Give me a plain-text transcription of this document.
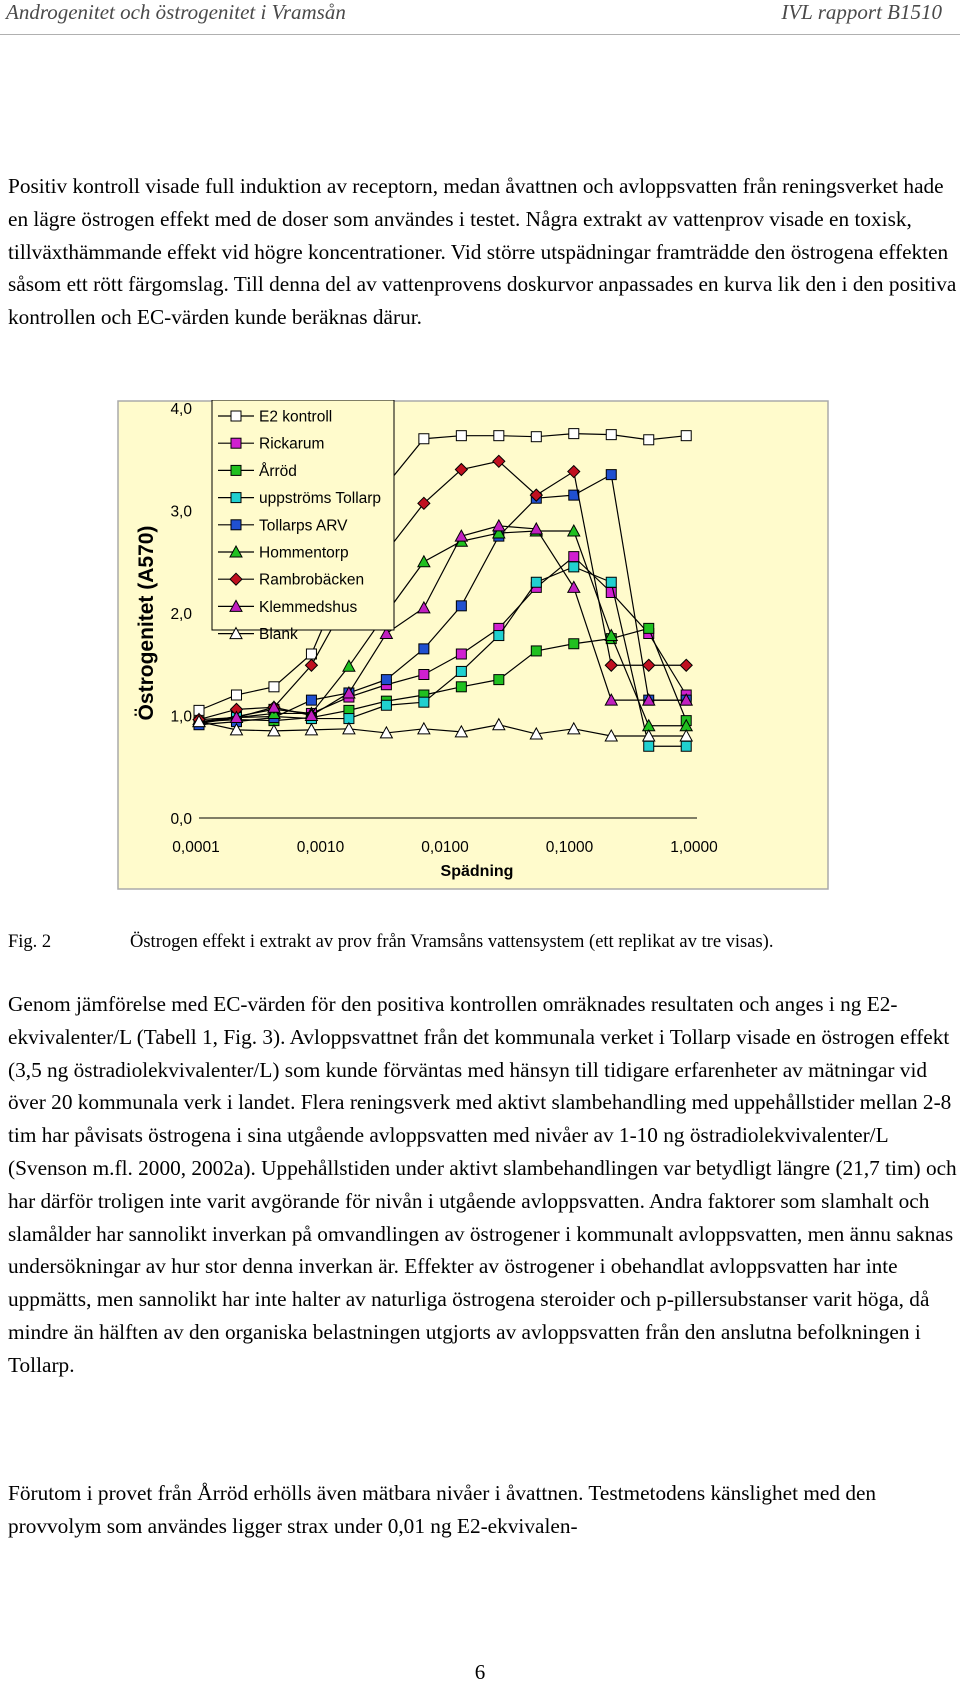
Androgenitet och östrogenitet i Vramsån	IVL rapport B1510

Positiv kontroll visade full induktion av receptorn, medan åvattnen och avloppsvatten från reningsverket hade en lägre östrogen effekt med de doser som användes i testet. Några extrakt av vattenprov visade en toxisk, tillväxthämmande effekt vid högre koncentrationer. Vid större utspädningar framträdde den östrogena effekten såsom ett rött färgomslag. Till denna del av vattenprovens doskurvor anpassades en kurva lik den i den positiva kontrollen och EC-värden kunde beräknas därur.

0,0
1,0
2,0
3,0
4,0
0,0001	0,0010	0,0100	0,1000	1,0000
Spädning
Östrogenitet (A570)
E2 kontroll
Rickarum
Årröd
uppströms Tollarp
Tollarps ARV
Hommentorp
Rambrobäcken
Klemmedshus
Blank
Fig. 2	Östrogen effekt i extrakt av prov från Vramsåns vattensystem (ett replikat av tre visas).

Genom jämförelse med EC-värden för den positiva kontrollen omräknades resultaten och anges i ng E2-ekvivalenter/L (Tabell 1, Fig. 3). Avloppsvattnet från det kommunala verket i Tollarp visade en östrogen effekt (3,5 ng östradiolekvivalenter/L) som kunde förväntas med hänsyn till tidigare erfarenheter av mätningar vid över 20 kommunala verk i landet. Flera reningsverk med aktivt slambehandling med uppehållstider mellan 2-8 tim har påvisats östrogena i sina utgående avloppsvatten med nivåer av 1-10 ng östradiolekvivalenter/L (Svenson m.fl. 2000, 2002a). Uppehållstiden under aktivt slambehandlingen var betydligt längre (21,7 tim) och har därför troligen inte varit avgörande för nivån i utgående avloppsvatten. Andra faktorer som slamhalt och slamålder har sannolikt inverkan på omvandlingen av östrogener i kommunalt avloppsvatten, men ännu saknas undersökningar av hur stor denna inverkan är. Effekter av östrogener i obehandlat avloppsvatten har inte uppmätts, men sannolikt har inte halter av naturliga östrogena steroider och p-pillersubstanser varit höga, då mindre än hälften av den organiska belastningen utgjorts av avloppsvatten från den anslutna befolkningen i Tollarp.

Förutom i provet från Årröd erhölls även mätbara nivåer i åvattnen. Testmetodens känslighet med den provvolym som användes ligger strax under 0,01 ng E2-ekvivalen-

6
